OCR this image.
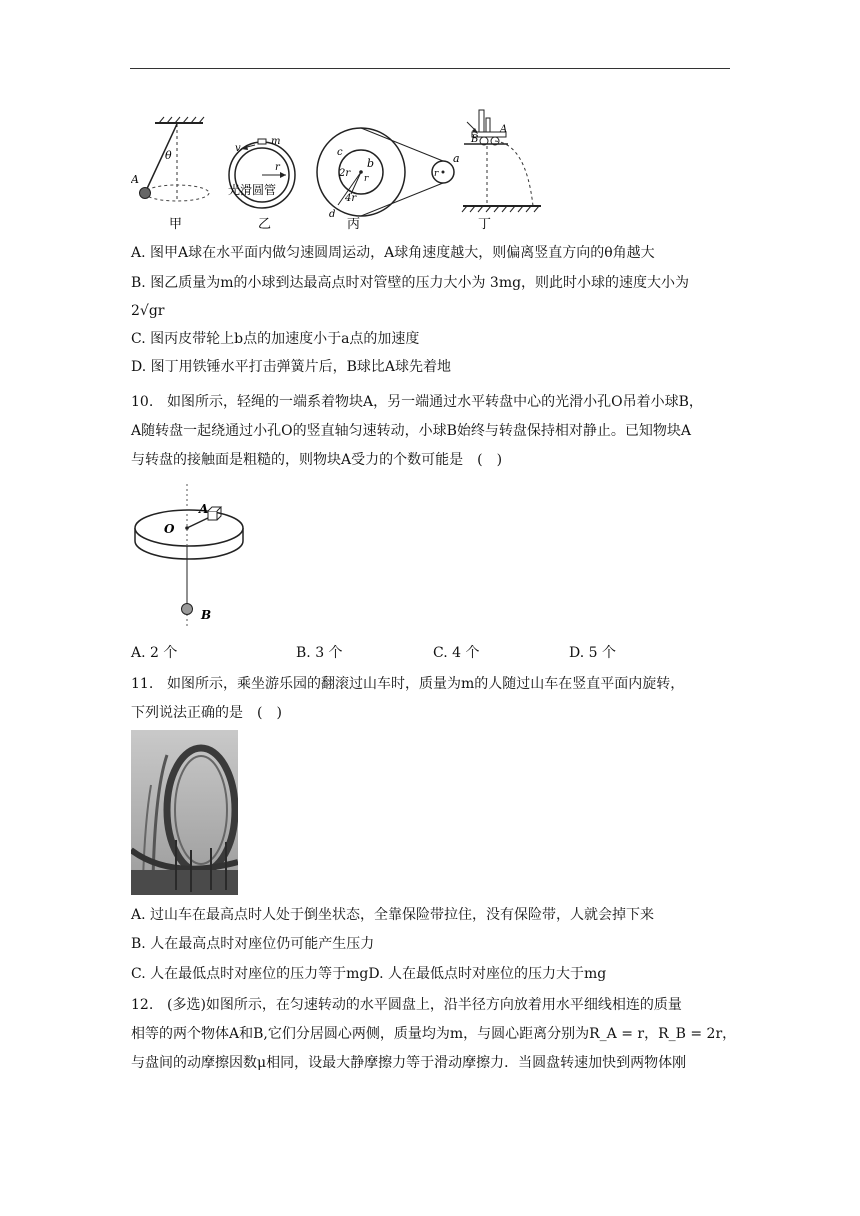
A
θ
甲
v
m
r
光滑圆管
乙
c
b
r
2r
d
4r
a
r
丙
B
A
丁
A. 图甲A球在水平面内做匀速圆周运动，A球角速度越大，则偏离竖直方向的θ角越大
B. 图乙质量为m的小球到达最高点时对管壁的压力大小为 3mg，则此时小球的速度大小为
2√gr
C. 图丙皮带轮上b点的加速度小于a点的加速度
D. 图丁用铁锤水平打击弹簧片后，B球比A球先着地
10. 如图所示，轻绳的一端系着物块A，另一端通过水平转盘中心的光滑小孔O吊着小球B，
A随转盘一起绕通过小孔O的竖直轴匀速转动，小球B始终与转盘保持相对静止。已知物块A
与转盘的接触面是粗糙的，则物块A受力的个数可能是　(　)
O
A
B
A. 2 个	B. 3 个	C. 4 个	D. 5 个
11. 如图所示，乘坐游乐园的翻滚过山车时，质量为m的人随过山车在竖直平面内旋转，
下列说法正确的是　(　)
A. 过山车在最高点时人处于倒坐状态，全靠保险带拉住，没有保险带，人就会掉下来
B. 人在最高点时对座位仍可能产生压力
C. 人在最低点时对座位的压力等于mgD. 人在最低点时对座位的压力大于mg
12. (多选)如图所示，在匀速转动的水平圆盘上，沿半径方向放着用水平细线相连的质量
相等的两个物体A和B,它们分居圆心两侧，质量均为m，与圆心距离分别为R_A = r，R_B = 2r，
与盘间的动摩擦因数μ相同，设最大静摩擦力等于滑动摩擦力．当圆盘转速加快到两物体刚
